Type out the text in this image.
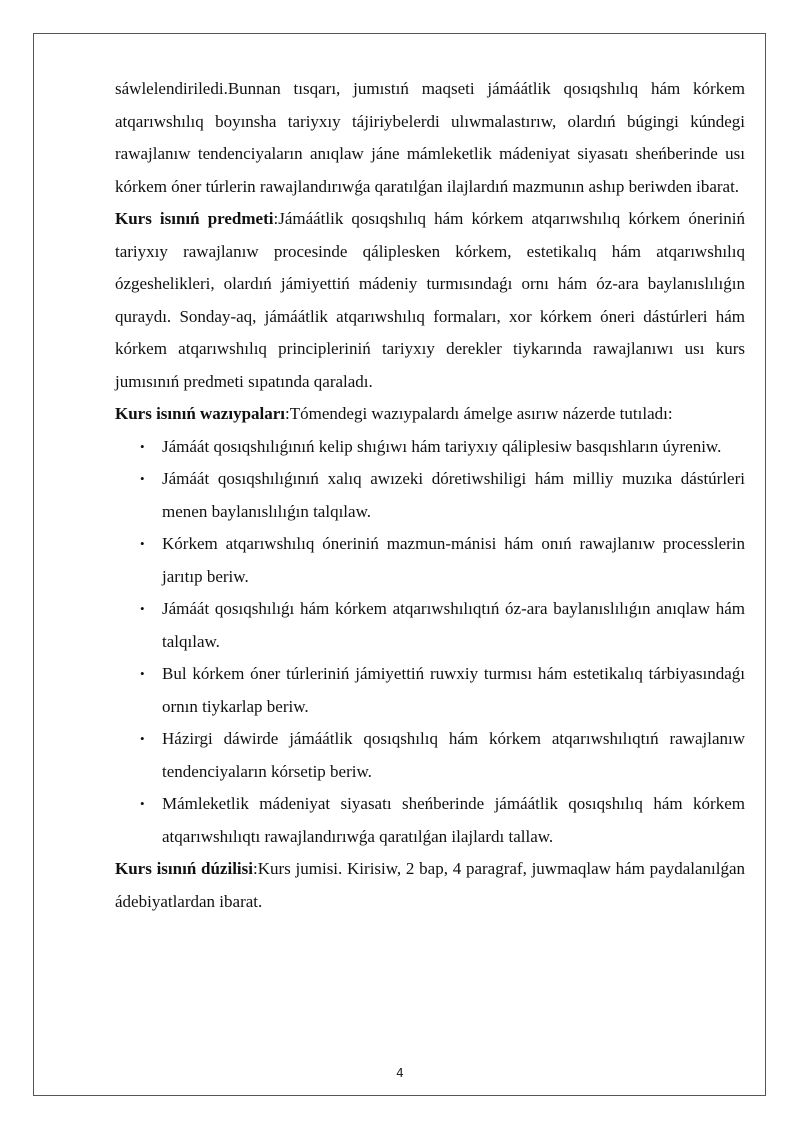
sáwlelendiriledi.Bunnan tısqarı, jumıstıń maqseti jámáátlik qosıqshılıq hám kórkem atqarıwshılıq boyınsha tariyxıy tájiriybelerdi ulıwmalastırıw, olardıń búgingi kúndegi rawajlanıw tendenciyaların anıqlaw jáne mámleketlik mádeniyat siyasatı sheńberinde usı kórkem óner túrlerin rawajlandırıwǵa qaratılǵan ilajlardıń mazmunın ashıp beriwden ibarat.

Kurs isınıń predmeti:Jámáátlik qosıqshılıq hám kórkem atqarıwshılıq kórkem óneriniń tariyxıy rawajlanıw procesinde qáliplesken kórkem, estetikalıq hám atqarıwshılıq ózgeshelikleri, olardıń jámiyettiń mádeniy turmısındaǵı ornı hám óz-ara baylanıslılıǵın quraydı. Sonday-aq, jámáátlik atqarıwshılıq formaları, xor kórkem óneri dástúrleri hám kórkem atqarıwshılıq principleriniń tariyxıy derekler tiykarında rawajlanıwı usı kurs jumısınıń predmeti sıpatında qaraladı.

Kurs isınıń wazıypaları:Tómendegi wazıypalardı ámelge asırıw názerde tutıladı:

• Jámáát qosıqshılıǵınıń kelip shıǵıwı hám tariyxıy qáliplesiw basqıshların úyreniw.
• Jámáát qosıqshılıǵınıń xalıq awızeki dóretiwshiligi hám milliy muzıka dástúrleri menen baylanıslılıǵın talqılaw.
• Kórkem atqarıwshılıq óneriniń mazmun-mánisi hám onıń rawajlanıw processlerin jarıtıp beriw.
• Jámáát qosıqshılıǵı hám kórkem atqarıwshılıqtıń óz-ara baylanıslılıǵın anıqlaw hám talqılaw.
• Bul kórkem óner túrleriniń jámiyettiń ruwxiy turmısı hám estetikalıq tárbiyasındaǵı ornın tiykarlap beriw.
• Házirgi dáwirde jámáátlik qosıqshılıq hám kórkem atqarıwshılıqtıń rawajlanıw tendenciyaların kórsetip beriw.
• Mámleketlik mádeniyat siyasatı sheńberinde jámáátlik qosıqshılıq hám kórkem atqarıwshılıqtı rawajlandırıwǵa qaratılǵan ilajlardı tallaw.

Kurs isınıń dúzilisi:Kurs jumisi. Kirisiw, 2 bap, 4 paragraf, juwmaqlaw hám paydalanılǵan ádebiyatlardan ibarat.

4
